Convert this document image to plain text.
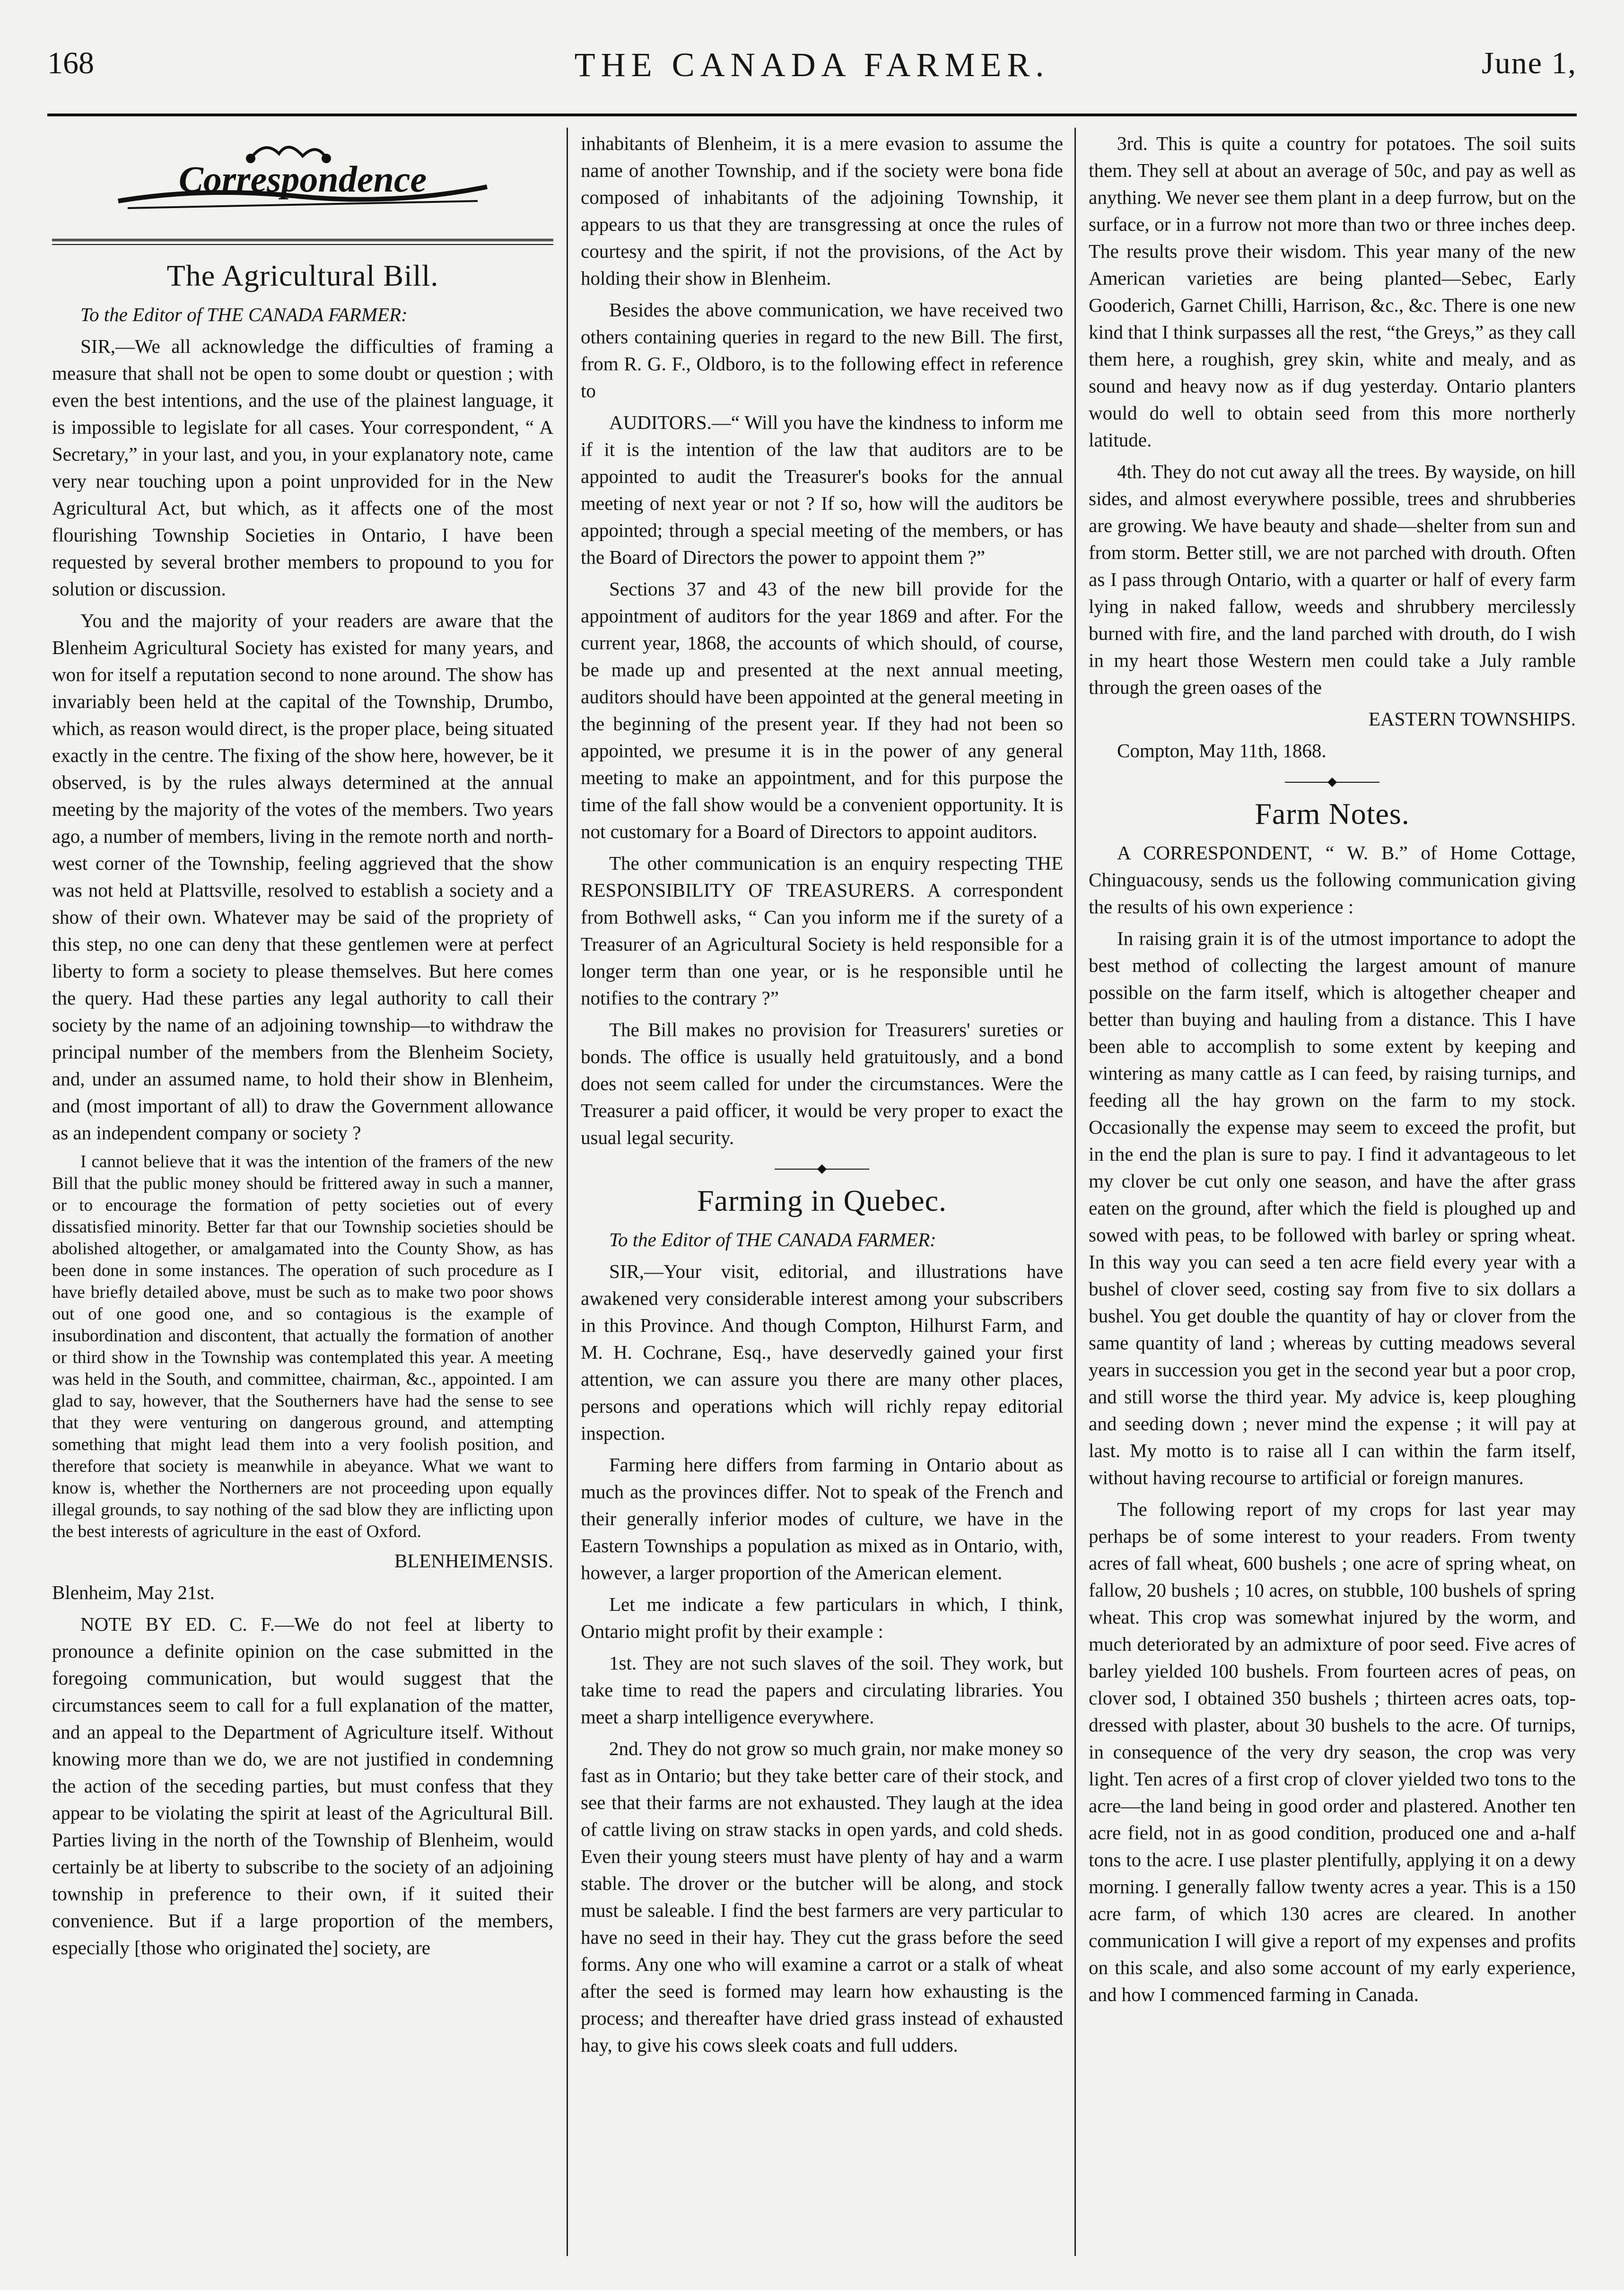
168	THE CANADA FARMER.	June 1,
Correspondence
The Agricultural Bill.

To the Editor of THE CANADA FARMER:

SIR,—We all acknowledge the difficulties of framing a measure that shall not be open to some doubt or question ; with even the best intentions, and the use of the plainest language, it is impossible to legislate for all cases. Your correspondent, “ A Secretary,” in your last, and you, in your explanatory note, came very near touching upon a point unprovided for in the New Agricultural Act, but which, as it affects one of the most flourishing Township Societies in Ontario, I have been requested by several brother members to propound to you for solution or discussion.

You and the majority of your readers are aware that the Blenheim Agricultural Society has existed for many years, and won for itself a reputation second to none around. The show has invariably been held at the capital of the Township, Drumbo, which, as reason would direct, is the proper place, being situated exactly in the centre. The fixing of the show here, however, be it observed, is by the rules always determined at the annual meeting by the majority of the votes of the members. Two years ago, a number of members, living in the remote north and north-west corner of the Township, feeling aggrieved that the show was not held at Plattsville, resolved to establish a society and a show of their own. Whatever may be said of the propriety of this step, no one can deny that these gentlemen were at perfect liberty to form a society to please themselves. But here comes the query. Had these parties any legal authority to call their society by the name of an adjoining township—to withdraw the principal number of the members from the Blenheim Society, and, under an assumed name, to hold their show in Blenheim, and (most important of all) to draw the Government allowance as an independent company or society ?

I cannot believe that it was the intention of the framers of the new Bill that the public money should be frittered away in such a manner, or to encourage the formation of petty societies out of every dissatisfied minority. Better far that our Township societies should be abolished altogether, or amalgamated into the County Show, as has been done in some instances. The operation of such procedure as I have briefly detailed above, must be such as to make two poor shows out of one good one, and so contagious is the example of insubordination and discontent, that actually the formation of another or third show in the Township was contemplated this year. A meeting was held in the South, and committee, chairman, &c., appointed. I am glad to say, however, that the Southerners have had the sense to see that they were venturing on dangerous ground, and attempting something that might lead them into a very foolish position, and therefore that society is meanwhile in abeyance. What we want to know is, whether the Northerners are not proceeding upon equally illegal grounds, to say nothing of the sad blow they are inflicting upon the best interests of agriculture in the east of Oxford.

BLENHEIMENSIS.

Blenheim, May 21st.

NOTE BY ED. C. F.—We do not feel at liberty to pronounce a definite opinion on the case submitted in the foregoing communication, but would suggest that the circumstances seem to call for a full explanation of the matter, and an appeal to the Department of Agriculture itself. Without knowing more than we do, we are not justified in condemning the action of the seceding parties, but must confess that they appear to be violating the spirit at least of the Agricultural Bill. Parties living in the north of the Township of Blenheim, would certainly be at liberty to subscribe to the society of an adjoining township in preference to their own, if it suited their convenience. But if a large proportion of the members, especially [those who originated the] society, are

inhabitants of Blenheim, it is a mere evasion to assume the name of another Township, and if the society were bona fide composed of inhabitants of the adjoining Township, it appears to us that they are transgressing at once the rules of courtesy and the spirit, if not the provisions, of the Act by holding their show in Blenheim.

Besides the above communication, we have received two others containing queries in regard to the new Bill. The first, from R. G. F., Oldboro, is to the following effect in reference to

AUDITORS.—“ Will you have the kindness to inform me if it is the intention of the law that auditors are to be appointed to audit the Treasurer's books for the annual meeting of next year or not ? If so, how will the auditors be appointed; through a special meeting of the members, or has the Board of Directors the power to appoint them ?”

Sections 37 and 43 of the new bill provide for the appointment of auditors for the year 1869 and after. For the current year, 1868, the accounts of which should, of course, be made up and presented at the next annual meeting, auditors should have been appointed at the general meeting in the beginning of the present year. If they had not been so appointed, we presume it is in the power of any general meeting to make an appointment, and for this purpose the time of the fall show would be a convenient opportunity. It is not customary for a Board of Directors to appoint auditors.

The other communication is an enquiry respecting THE RESPONSIBILITY OF TREASURERS. A correspondent from Bothwell asks, “ Can you inform me if the surety of a Treasurer of an Agricultural Society is held responsible for a longer term than one year, or is he responsible until he notifies to the contrary ?”

The Bill makes no provision for Treasurers' sureties or bonds. The office is usually held gratuitously, and a bond does not seem called for under the circumstances. Were the Treasurer a paid officer, it would be very proper to exact the usual legal security.

Farming in Quebec.

To the Editor of THE CANADA FARMER:

SIR,—Your visit, editorial, and illustrations have awakened very considerable interest among your subscribers in this Province. And though Compton, Hilhurst Farm, and M. H. Cochrane, Esq., have deservedly gained your first attention, we can assure you there are many other places, persons and operations which will richly repay editorial inspection.

Farming here differs from farming in Ontario about as much as the provinces differ. Not to speak of the French and their generally inferior modes of culture, we have in the Eastern Townships a population as mixed as in Ontario, with, however, a larger proportion of the American element.

Let me indicate a few particulars in which, I think, Ontario might profit by their example :

1st. They are not such slaves of the soil. They work, but take time to read the papers and circulating libraries. You meet a sharp intelligence everywhere.

2nd. They do not grow so much grain, nor make money so fast as in Ontario; but they take better care of their stock, and see that their farms are not exhausted. They laugh at the idea of cattle living on straw stacks in open yards, and cold sheds. Even their young steers must have plenty of hay and a warm stable. The drover or the butcher will be along, and stock must be saleable. I find the best farmers are very particular to have no seed in their hay. They cut the grass before the seed forms. Any one who will examine a carrot or a stalk of wheat after the seed is formed may learn how exhausting is the process; and thereafter have dried grass instead of exhausted hay, to give his cows sleek coats and full udders.

3rd. This is quite a country for potatoes. The soil suits them. They sell at about an average of 50c, and pay as well as anything. We never see them plant in a deep furrow, but on the surface, or in a furrow not more than two or three inches deep. The results prove their wisdom. This year many of the new American varieties are being planted—Sebec, Early Gooderich, Garnet Chilli, Harrison, &c., &c. There is one new kind that I think surpasses all the rest, “the Greys,” as they call them here, a roughish, grey skin, white and mealy, and as sound and heavy now as if dug yesterday. Ontario planters would do well to obtain seed from this more northerly latitude.

4th. They do not cut away all the trees. By wayside, on hill sides, and almost everywhere possible, trees and shrubberies are growing. We have beauty and shade—shelter from sun and from storm. Better still, we are not parched with drouth. Often as I pass through Ontario, with a quarter or half of every farm lying in naked fallow, weeds and shrubbery mercilessly burned with fire, and the land parched with drouth, do I wish in my heart those Western men could take a July ramble through the green oases of the

EASTERN TOWNSHIPS.

Compton, May 11th, 1868.

Farm Notes.

A CORRESPONDENT, “ W. B.” of Home Cottage, Chinguacousy, sends us the following communication giving the results of his own experience :

In raising grain it is of the utmost importance to adopt the best method of collecting the largest amount of manure possible on the farm itself, which is altogether cheaper and better than buying and hauling from a distance. This I have been able to accomplish to some extent by keeping and wintering as many cattle as I can feed, by raising turnips, and feeding all the hay grown on the farm to my stock. Occasionally the expense may seem to exceed the profit, but in the end the plan is sure to pay. I find it advantageous to let my clover be cut only one season, and have the after grass eaten on the ground, after which the field is ploughed up and sowed with peas, to be followed with barley or spring wheat. In this way you can seed a ten acre field every year with a bushel of clover seed, costing say from five to six dollars a bushel. You get double the quantity of hay or clover from the same quantity of land ; whereas by cutting meadows several years in succession you get in the second year but a poor crop, and still worse the third year. My advice is, keep ploughing and seeding down ; never mind the expense ; it will pay at last. My motto is to raise all I can within the farm itself, without having recourse to artificial or foreign manures.

The following report of my crops for last year may perhaps be of some interest to your readers. From twenty acres of fall wheat, 600 bushels ; one acre of spring wheat, on fallow, 20 bushels ; 10 acres, on stubble, 100 bushels of spring wheat. This crop was somewhat injured by the worm, and much deteriorated by an admixture of poor seed. Five acres of barley yielded 100 bushels. From fourteen acres of peas, on clover sod, I obtained 350 bushels ; thirteen acres oats, top-dressed with plaster, about 30 bushels to the acre. Of turnips, in consequence of the very dry season, the crop was very light. Ten acres of a first crop of clover yielded two tons to the acre—the land being in good order and plastered. Another ten acre field, not in as good condition, produced one and a-half tons to the acre. I use plaster plentifully, applying it on a dewy morning. I generally fallow twenty acres a year. This is a 150 acre farm, of which 130 acres are cleared. In another communication I will give a report of my expenses and profits on this scale, and also some account of my early experience, and how I commenced farming in Canada.
